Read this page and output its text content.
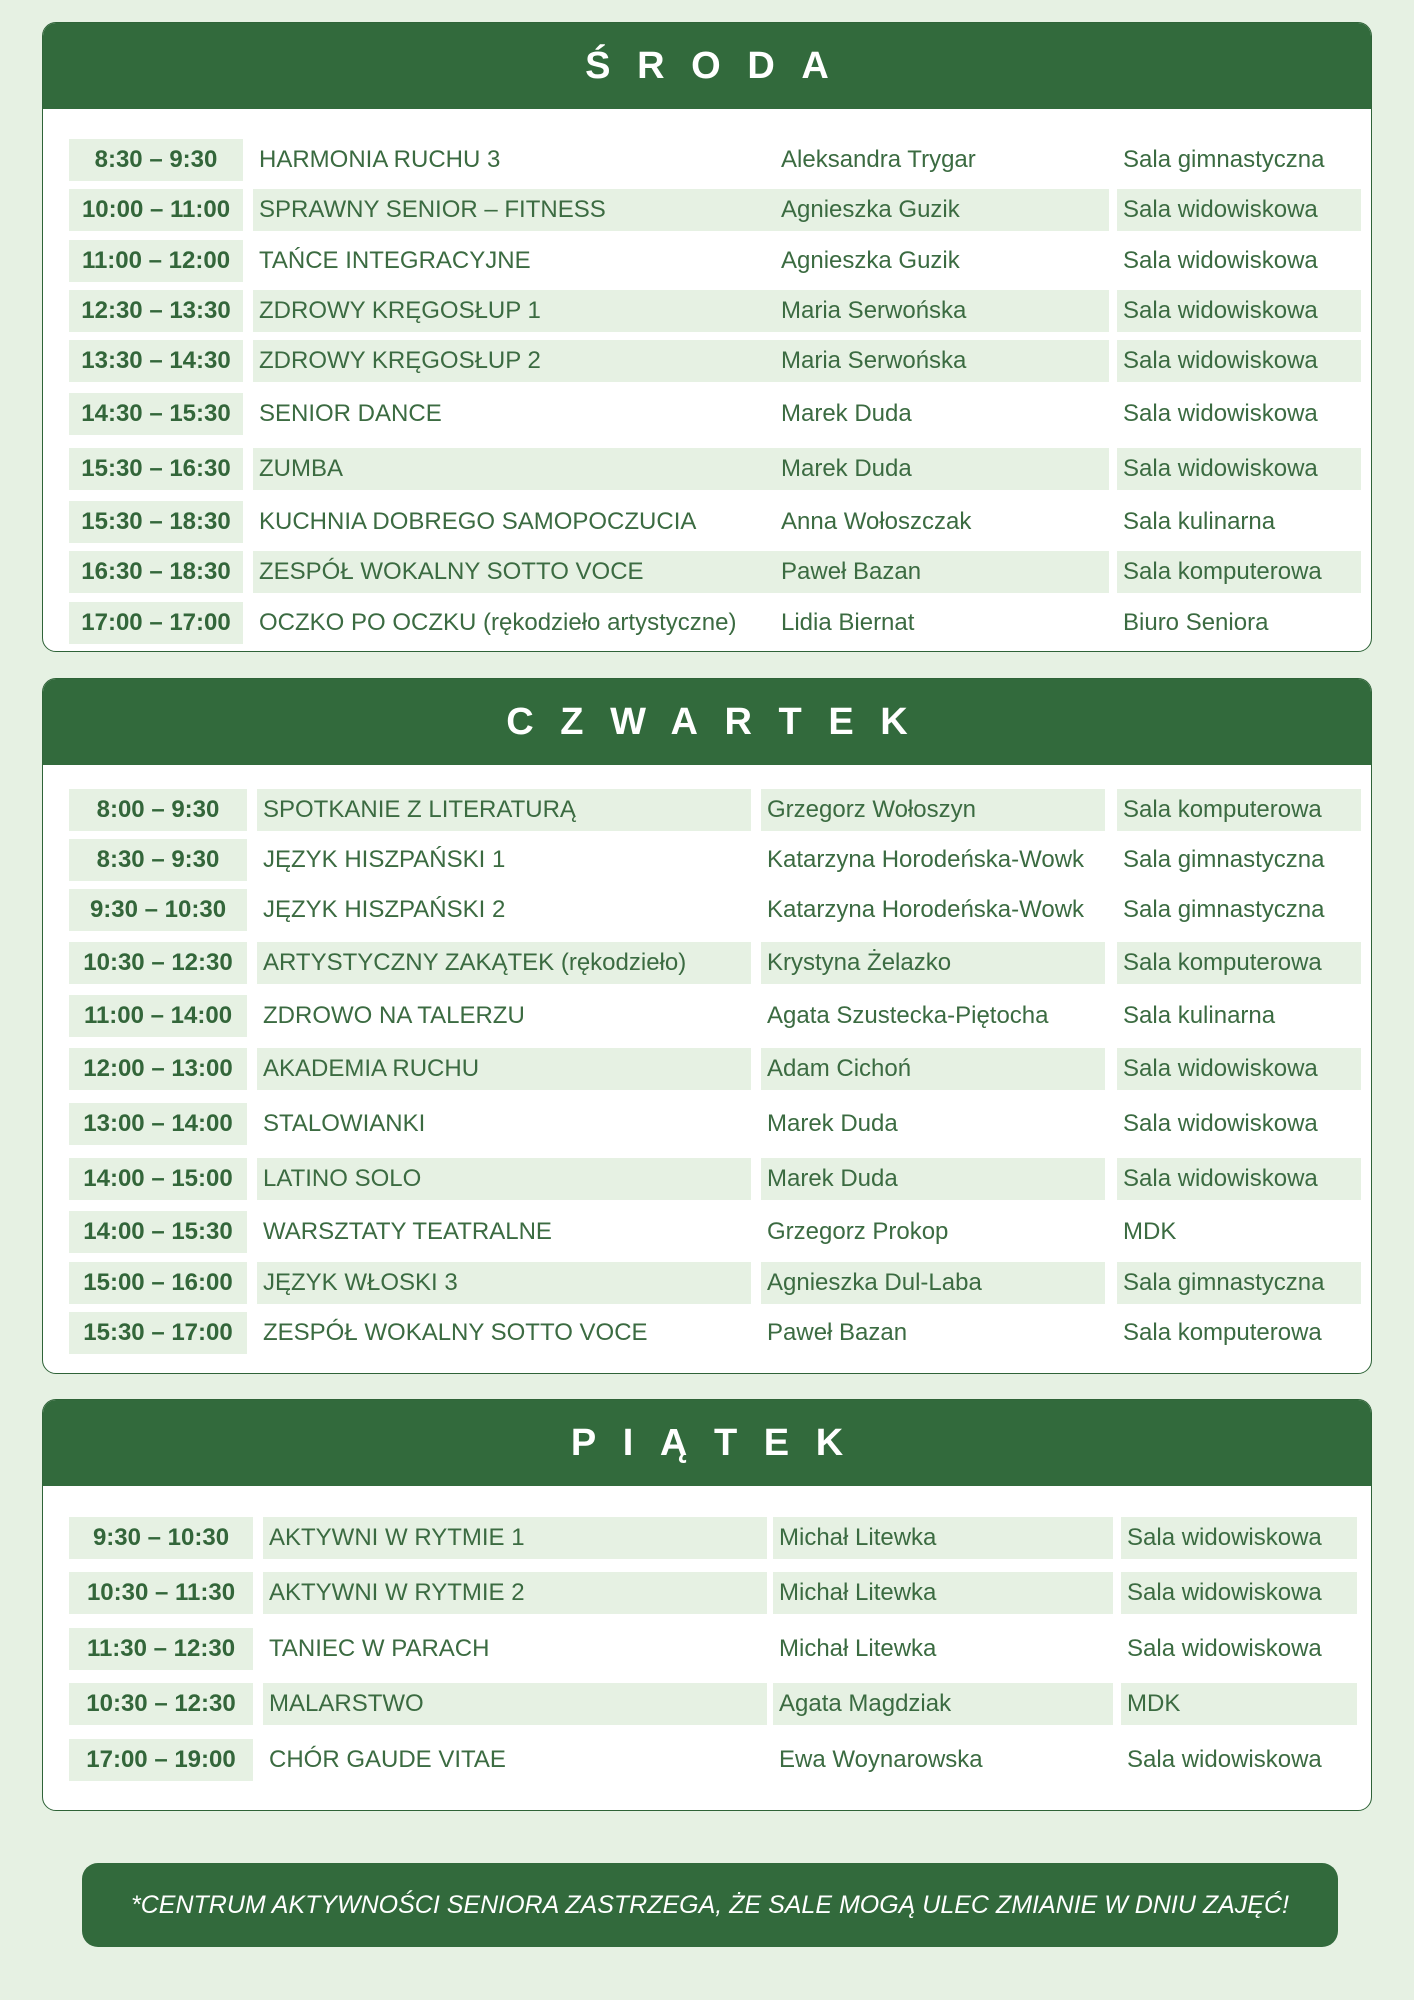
ŚRODA
8:30 – 9:30	HARMONIA RUCHU 3	Aleksandra Trygar	Sala gimnastyczna
10:00 – 11:00	SPRAWNY SENIOR – FITNESS	Agnieszka Guzik	Sala widowiskowa
11:00 – 12:00	TAŃCE INTEGRACYJNE	Agnieszka Guzik	Sala widowiskowa
12:30 – 13:30	ZDROWY KRĘGOSŁUP 1	Maria Serwońska	Sala widowiskowa
13:30 – 14:30	ZDROWY KRĘGOSŁUP 2	Maria Serwońska	Sala widowiskowa
14:30 – 15:30	SENIOR DANCE	Marek Duda	Sala widowiskowa
15:30 – 16:30	ZUMBA	Marek Duda	Sala widowiskowa
15:30 – 18:30	KUCHNIA DOBREGO SAMOPOCZUCIA	Anna Wołoszczak	Sala kulinarna
16:30 – 18:30	ZESPÓŁ WOKALNY SOTTO VOCE	Paweł Bazan	Sala komputerowa
17:00 – 17:00	OCZKO PO OCZKU (rękodzieło artystyczne)	Lidia Biernat	Biuro Seniora
CZWARTEK
8:00 – 9:30	SPOTKANIE Z LITERATURĄ	Grzegorz Wołoszyn	Sala komputerowa
8:30 – 9:30	JĘZYK HISZPAŃSKI 1	Katarzyna Horodeńska-Wowk	Sala gimnastyczna
9:30 – 10:30	JĘZYK HISZPAŃSKI 2	Katarzyna Horodeńska-Wowk	Sala gimnastyczna
10:30 – 12:30	ARTYSTYCZNY ZAKĄTEK (rękodzieło)	Krystyna Żelazko	Sala komputerowa
11:00 – 14:00	ZDROWO NA TALERZU	Agata Szustecka-Piętocha	Sala kulinarna
12:00 – 13:00	AKADEMIA RUCHU	Adam Cichoń	Sala widowiskowa
13:00 – 14:00	STALOWIANKI	Marek Duda	Sala widowiskowa
14:00 – 15:00	LATINO SOLO	Marek Duda	Sala widowiskowa
14:00 – 15:30	WARSZTATY TEATRALNE	Grzegorz Prokop	MDK
15:00 – 16:00	JĘZYK WŁOSKI 3	Agnieszka Dul-Laba	Sala gimnastyczna
15:30 – 17:00	ZESPÓŁ WOKALNY SOTTO VOCE	Paweł Bazan	Sala komputerowa
PIĄTEK
9:30 – 10:30	AKTYWNI W RYTMIE 1	Michał Litewka	Sala widowiskowa
10:30 – 11:30	AKTYWNI W RYTMIE 2	Michał Litewka	Sala widowiskowa
11:30 – 12:30	TANIEC W PARACH	Michał Litewka	Sala widowiskowa
10:30 – 12:30	MALARSTWO	Agata Magdziak	MDK
17:00 – 19:00	CHÓR GAUDE VITAE	Ewa Woynarowska	Sala widowiskowa
*CENTRUM AKTYWNOŚCI SENIORA ZASTRZEGA, ŻE SALE MOGĄ ULEC ZMIANIE W DNIU ZAJĘĆ!
